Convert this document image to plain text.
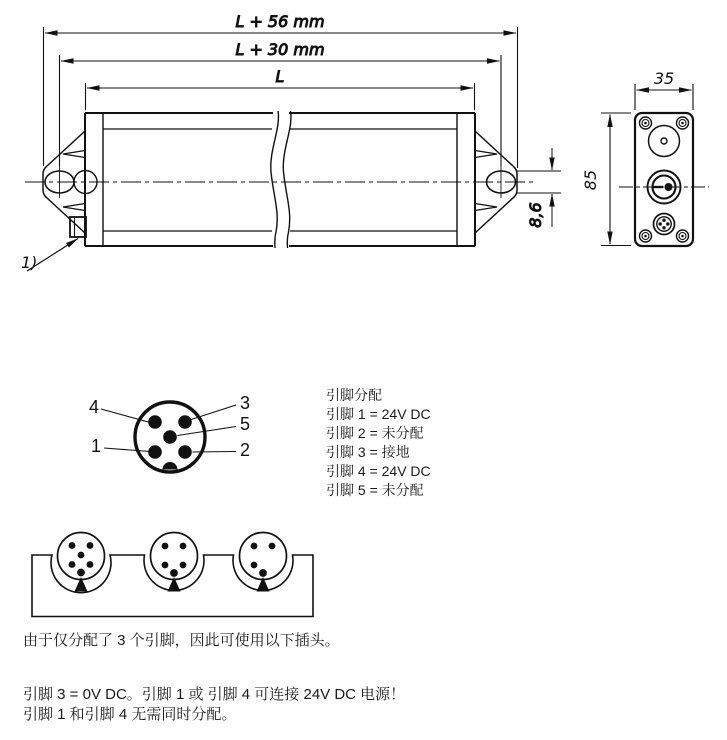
L + 56 mm
L + 30 mm
L
8,6
1)
35
85
4	3
5
1	2
引脚分配
引脚 1 = 24V DC
引脚 2 = 未分配
引脚 3 = 接地
引脚 4 = 24V DC
引脚 5 = 未分配
由于仅分配了 3 个引脚，因此可使用以下插头。
引脚 3 = 0V DC。引脚 1 或 引脚 4 可连接 24V DC 电源！
引脚 1 和引脚 4 无需同时分配。
